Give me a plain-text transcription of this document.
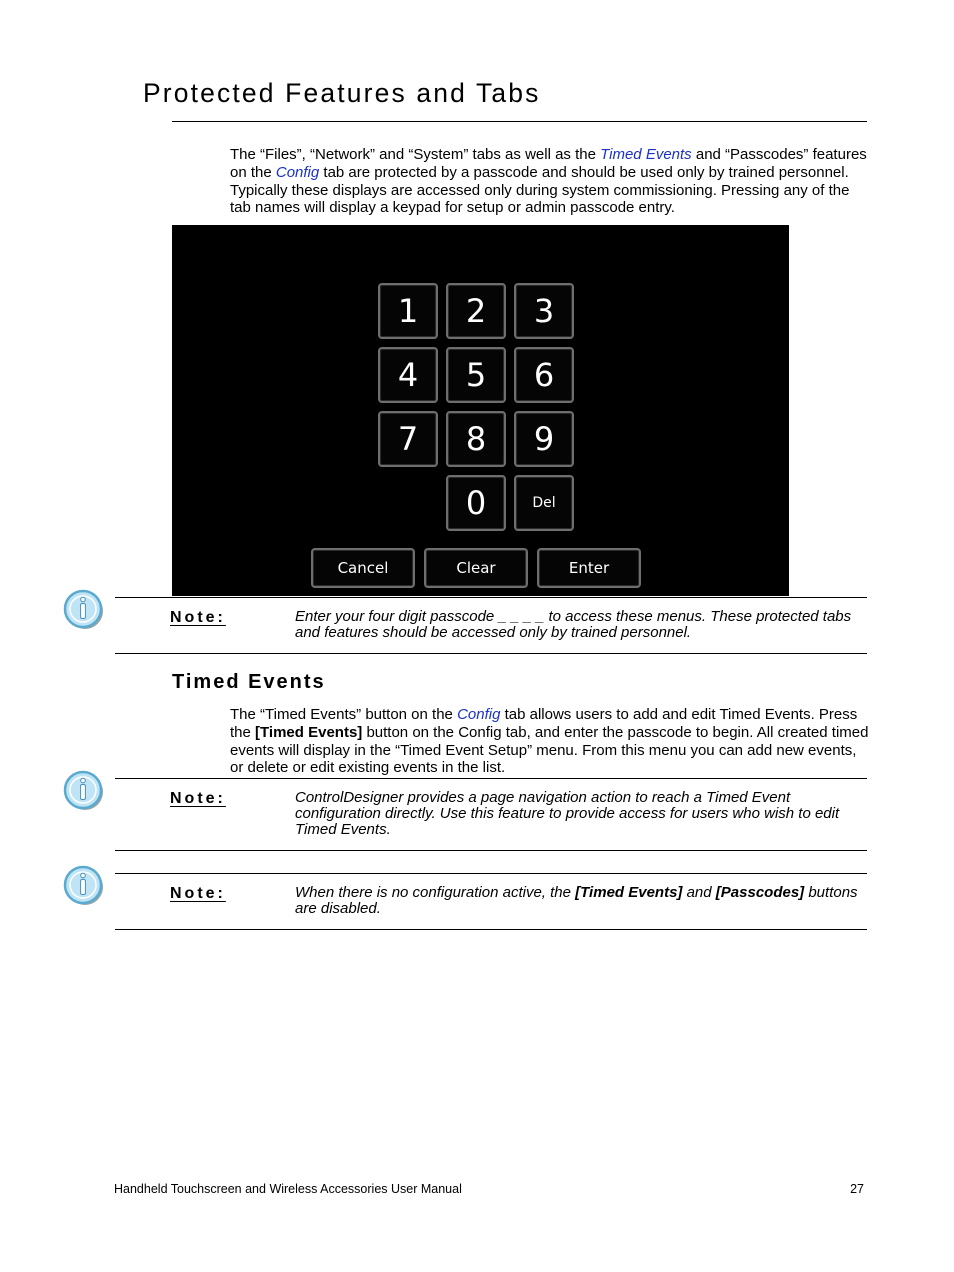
Protected Features and Tabs
The “Files”, “Network” and “System” tabs as well as the Timed Events and “Passcodes” features on the Config tab are protected by a passcode and should be used only by trained personnel. Typically these displays are accessed only during system commissioning. Pressing any of the tab names will display a keypad for setup or admin passcode entry.
1	2	3
4	5	6
7	8	9
0	Del
Cancel	Clear	Enter
Note:	Enter your four digit passcode _ _ _ _ to access these menus. These protected tabs and features should be accessed only by trained personnel.
Timed Events
The “Timed Events” button on the Config tab allows users to add and edit Timed Events. Press the [Timed Events] button on the Config tab, and enter the passcode to begin. All created timed events will display in the “Timed Event Setup” menu. From this menu you can add new events, or delete or edit existing events in the list.
Note:	ControlDesigner provides a page navigation action to reach a Timed Event configuration directly. Use this feature to provide access for users who wish to edit Timed Events.
Note:	When there is no configuration active, the [Timed Events] and [Passcodes] buttons are disabled.
Handheld Touchscreen and Wireless Accessories User Manual	27
